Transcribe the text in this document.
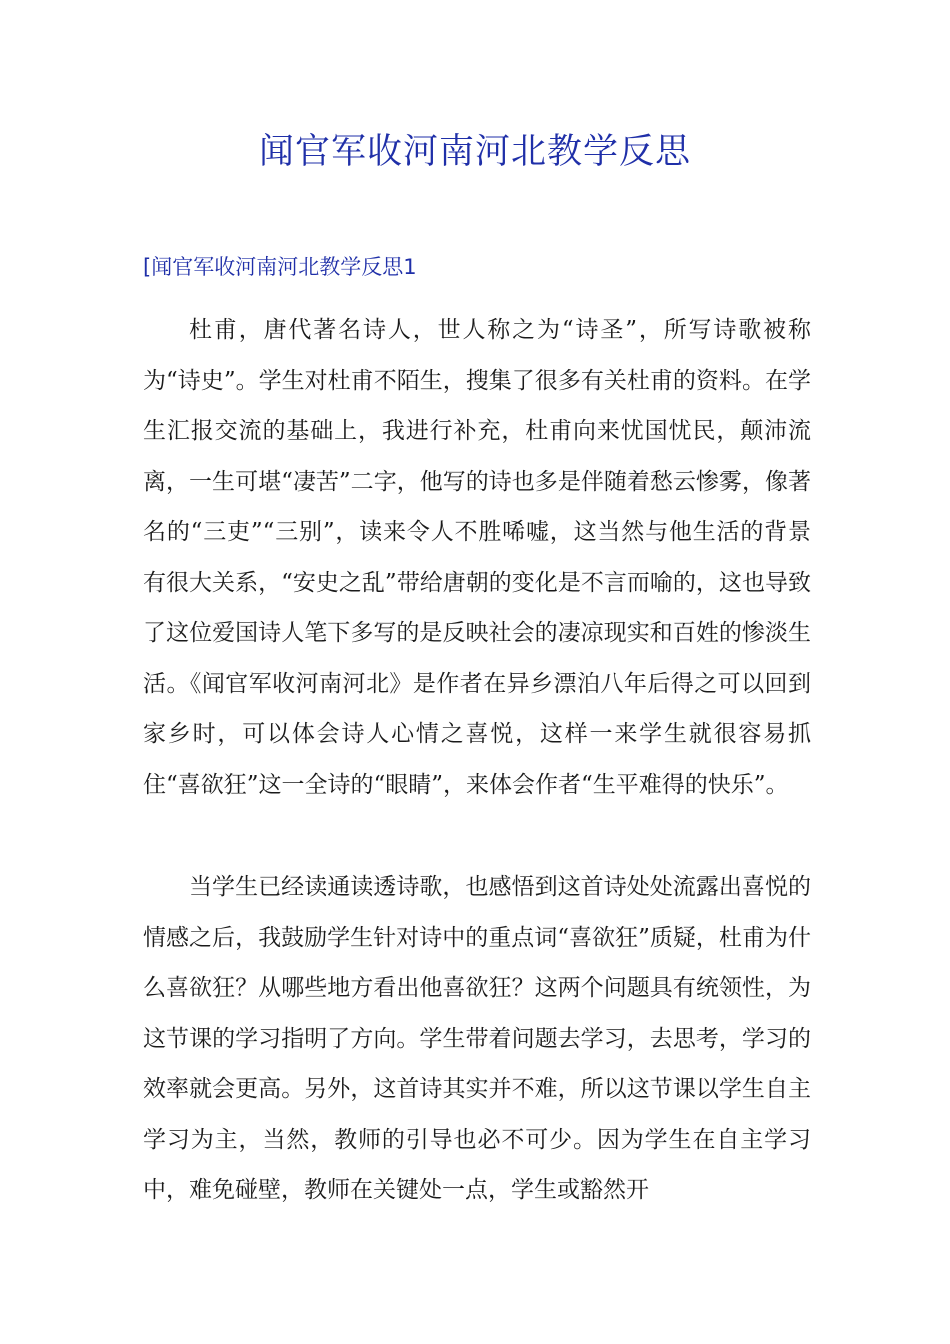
闻官军收河南河北教学反思
[闻官军收河南河北教学反思1

杜甫，唐代著名诗人，世人称之为“诗圣”，所写诗歌被称为“诗史”。学生对杜甫不陌生，搜集了很多有关杜甫的资料。在学生汇报交流的基础上，我进行补充，杜甫向来忧国忧民，颠沛流离，一生可堪“凄苦”二字，他写的诗也多是伴随着愁云惨雾，像著名的“三吏”“三别”，读来令人不胜唏嘘，这当然与他生活的背景有很大关系，“安史之乱”带给唐朝的变化是不言而喻的，这也导致了这位爱国诗人笔下多写的是反映社会的凄凉现实和百姓的惨淡生活。《闻官军收河南河北》是作者在异乡漂泊八年后得之可以回到家乡时，可以体会诗人心情之喜悦，这样一来学生就很容易抓住“喜欲狂”这一全诗的“眼睛”，来体会作者“生平难得的快乐”。

当学生已经读通读透诗歌，也感悟到这首诗处处流露出喜悦的情感之后，我鼓励学生针对诗中的重点词“喜欲狂”质疑，杜甫为什么喜欲狂？从哪些地方看出他喜欲狂？这两个问题具有统领性，为这节课的学习指明了方向。学生带着问题去学习，去思考，学习的效率就会更高。另外，这首诗其实并不难，所以这节课以学生自主学习为主，当然，教师的引导也必不可少。因为学生在自主学习中，难免碰壁，教师在关键处一点，学生或豁然开
